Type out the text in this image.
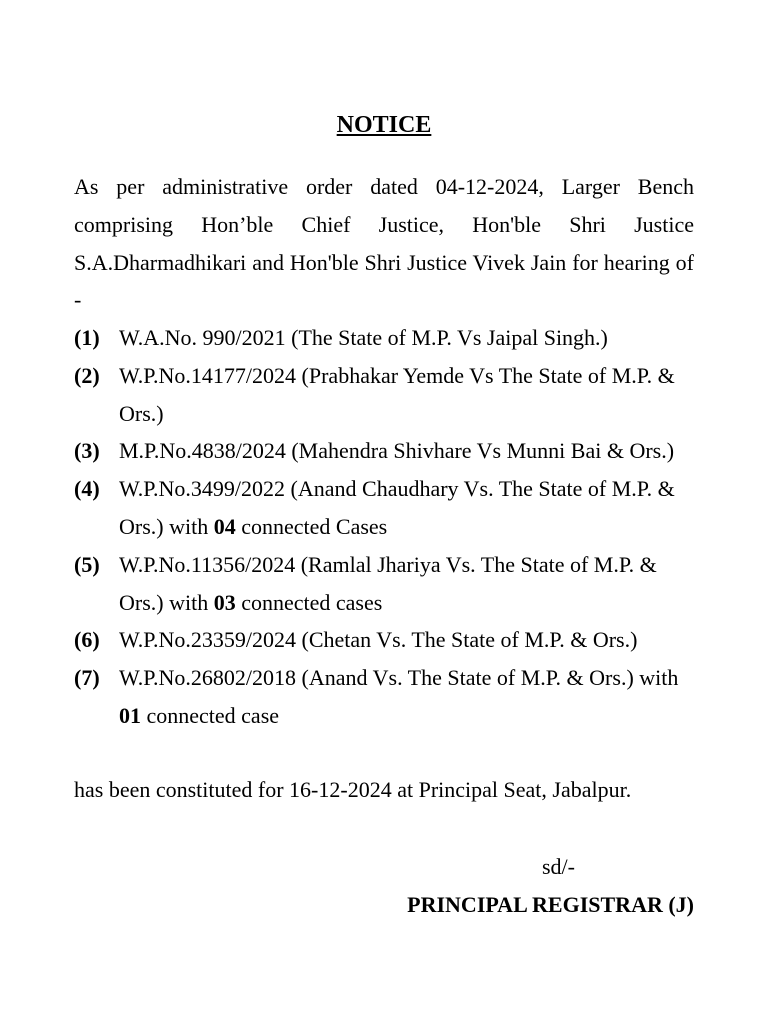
NOTICE

As per administrative order dated 04-12-2024, Larger Bench comprising Hon’ble Chief Justice, Hon'ble Shri Justice S.A.Dharmadhikari and Hon'ble Shri Justice Vivek Jain for hearing of -

(1) W.A.No. 990/2021 (The State of M.P. Vs Jaipal Singh.)
(2) W.P.No.14177/2024 (Prabhakar Yemde Vs The State of M.P. & Ors.)
(3) M.P.No.4838/2024 (Mahendra Shivhare Vs Munni Bai & Ors.)
(4) W.P.No.3499/2022 (Anand Chaudhary Vs. The State of M.P. & Ors.) with 04 connected Cases
(5) W.P.No.11356/2024 (Ramlal Jhariya Vs. The State of M.P. & Ors.) with 03 connected cases
(6) W.P.No.23359/2024 (Chetan Vs. The State of M.P. & Ors.)
(7) W.P.No.26802/2018 (Anand Vs. The State of M.P. & Ors.) with 01 connected case

has been constituted for 16-12-2024 at Principal Seat, Jabalpur.

sd/-
PRINCIPAL REGISTRAR (J)
